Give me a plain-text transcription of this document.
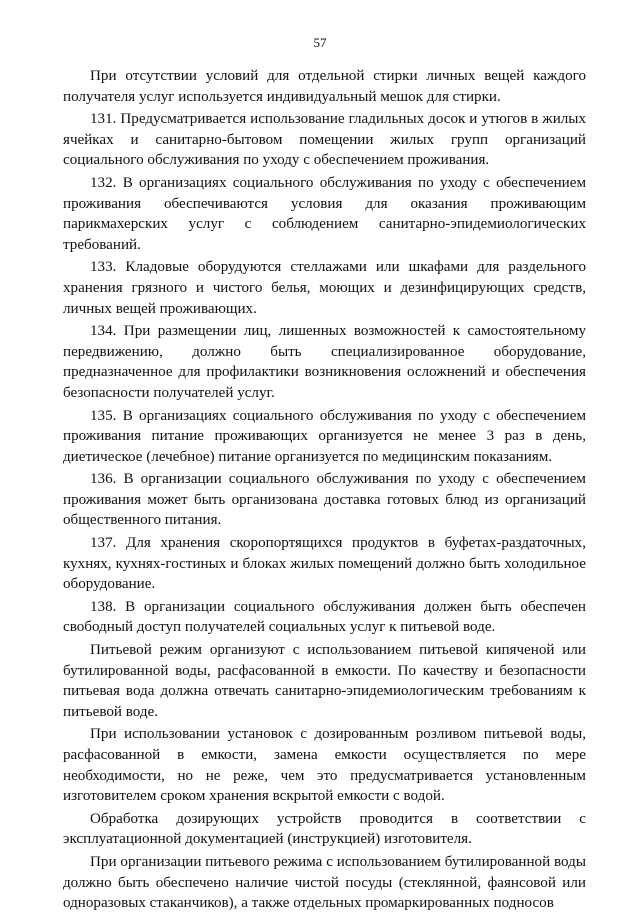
57

При отсутствии условий для отдельной стирки личных вещей каждого получателя услуг используется индивидуальный мешок для стирки.

131. Предусматривается использование гладильных досок и утюгов в жилых ячейках и санитарно-бытовом помещении жилых групп организаций социального обслуживания по уходу с обеспечением проживания.

132. В организациях социального обслуживания по уходу с обеспечением проживания обеспечиваются условия для оказания проживающим парикмахерских услуг с соблюдением санитарно-эпидемиологических требований.

133. Кладовые оборудуются стеллажами или шкафами для раздельного хранения грязного и чистого белья, моющих и дезинфицирующих средств, личных вещей проживающих.

134. При размещении лиц, лишенных возможностей к самостоятельному передвижению, должно быть специализированное оборудование, предназначенное для профилактики возникновения осложнений и обеспечения безопасности получателей услуг.

135. В организациях социального обслуживания по уходу с обеспечением проживания питание проживающих организуется не менее 3 раз в день, диетическое (лечебное) питание организуется по медицинским показаниям.

136. В организации социального обслуживания по уходу с обеспечением проживания может быть организована доставка готовых блюд из организаций общественного питания.

137. Для хранения скоропортящихся продуктов в буфетах-раздаточных, кухнях, кухнях-гостиных и блоках жилых помещений должно быть холодильное оборудование.

138. В организации социального обслуживания должен быть обеспечен свободный доступ получателей социальных услуг к питьевой воде.

Питьевой режим организуют с использованием питьевой кипяченой или бутилированной воды, расфасованной в емкости. По качеству и безопасности питьевая вода должна отвечать санитарно-эпидемиологическим требованиям к питьевой воде.

При использовании установок с дозированным розливом питьевой воды, расфасованной в емкости, замена емкости осуществляется по мере необходимости, но не реже, чем это предусматривается установленным изготовителем сроком хранения вскрытой емкости с водой.

Обработка дозирующих устройств проводится в соответствии с эксплуатационной документацией (инструкцией) изготовителя.

При организации питьевого режима с использованием бутилированной воды должно быть обеспечено наличие чистой посуды (стеклянной, фаянсовой или одноразовых стаканчиков), а также отдельных промаркированных подносов
